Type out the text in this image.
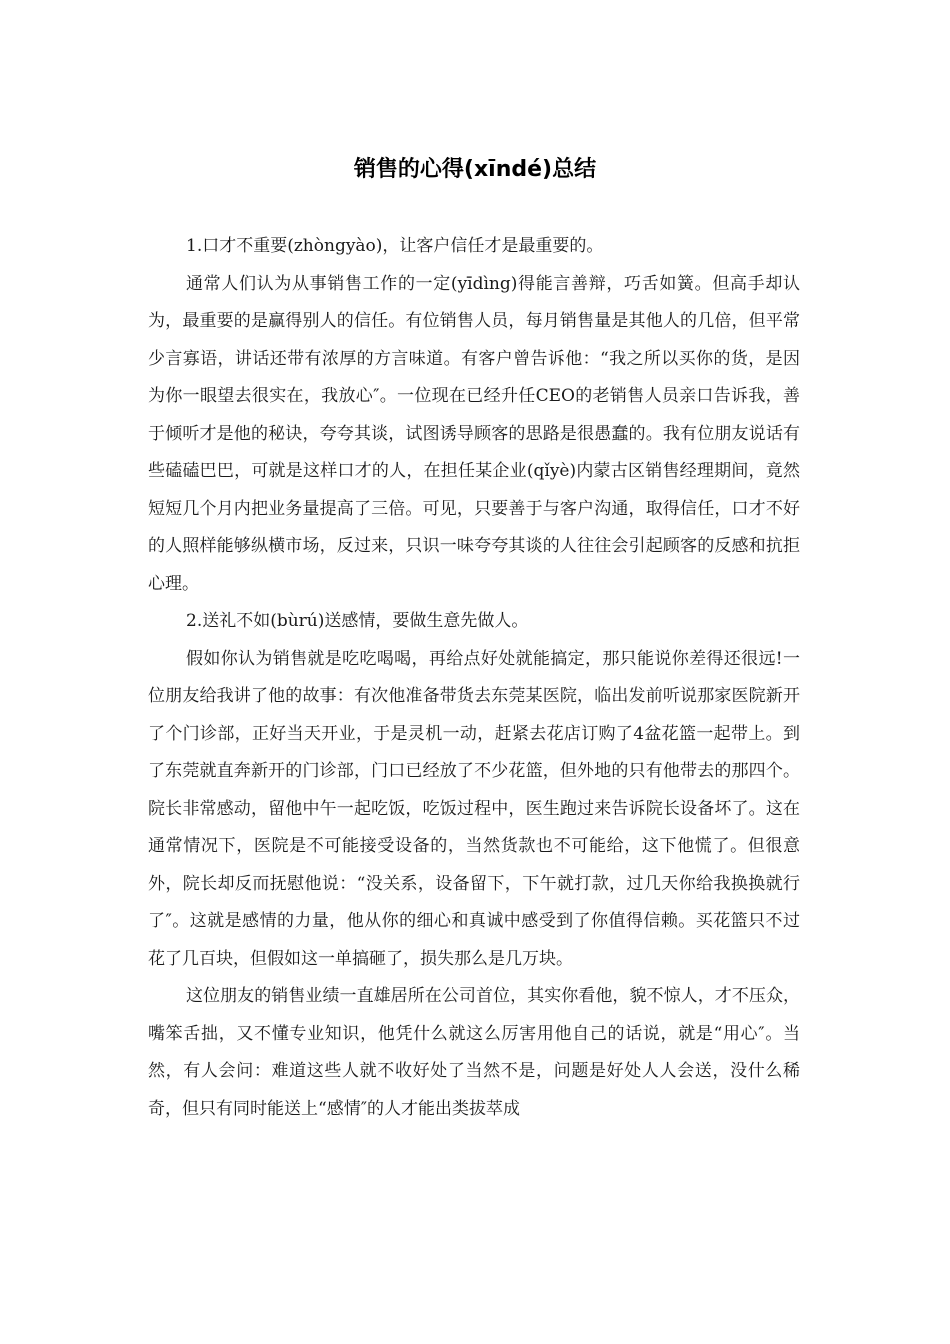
销售的心得(xīndé)总结

1.口才不重要(zhòngyào)，让客户信任才是最重要的。

通常人们认为从事销售工作的一定(yīdìng)得能言善辩，巧舌如簧。但高手却认为，最重要的是赢得别人的信任。有位销售人员，每月销售量是其他人的几倍，但平常少言寡语，讲话还带有浓厚的方言味道。有客户曾告诉他：“我之所以买你的货，是因为你一眼望去很实在，我放心″。一位现在已经升任CEO的老销售人员亲口告诉我，善于倾听才是他的秘诀，夸夸其谈，试图诱导顾客的思路是很愚蠢的。我有位朋友说话有些磕磕巴巴，可就是这样口才的人，在担任某企业(qǐyè)内蒙古区销售经理期间，竟然短短几个月内把业务量提高了三倍。可见，只要善于与客户沟通，取得信任，口才不好的人照样能够纵横市场，反过来，只识一味夸夸其谈的人往往会引起顾客的反感和抗拒心理。

2.送礼不如(bùrú)送感情，要做生意先做人。

假如你认为销售就是吃吃喝喝，再给点好处就能搞定，那只能说你差得还很远!一位朋友给我讲了他的故事：有次他准备带货去东莞某医院，临出发前听说那家医院新开了个门诊部，正好当天开业，于是灵机一动，赶紧去花店订购了4盆花篮一起带上。到了东莞就直奔新开的门诊部，门口已经放了不少花篮，但外地的只有他带去的那四个。院长非常感动，留他中午一起吃饭，吃饭过程中，医生跑过来告诉院长设备坏了。这在通常情况下，医院是不可能接受设备的，当然货款也不可能给，这下他慌了。但很意外，院长却反而抚慰他说：“没关系，设备留下，下午就打款，过几天你给我换换就行了″。这就是感情的力量，他从你的细心和真诚中感受到了你值得信赖。买花篮只不过花了几百块，但假如这一单搞砸了，损失那么是几万块。

这位朋友的销售业绩一直雄居所在公司首位，其实你看他，貌不惊人，才不压众，嘴笨舌拙，又不懂专业知识，他凭什么就这么厉害用他自己的话说，就是“用心″。当然，有人会问：难道这些人就不收好处了当然不是，问题是好处人人会送，没什么稀奇，但只有同时能送上“感情″的人才能出类拔萃成
